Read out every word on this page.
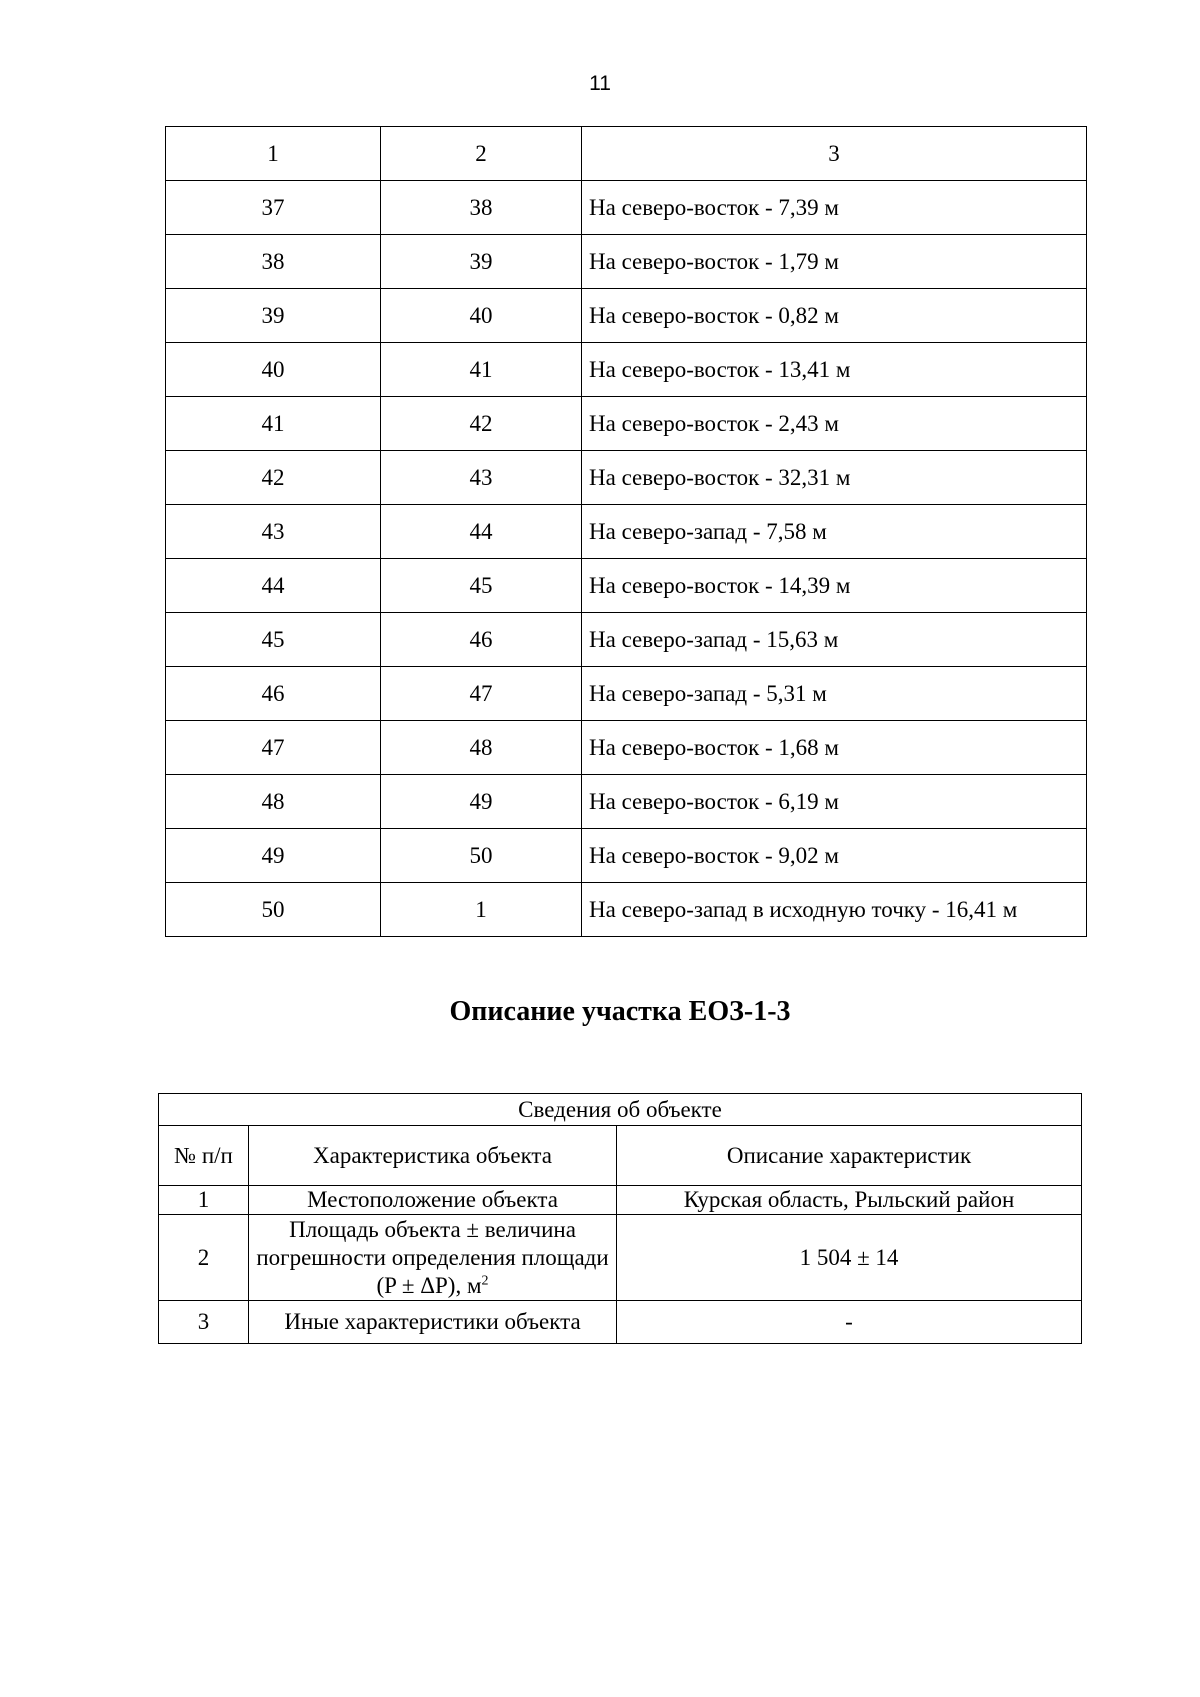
11
1	2	3
37	38	На северо-восток - 7,39 м
38	39	На северо-восток - 1,79 м
39	40	На северо-восток - 0,82 м
40	41	На северо-восток - 13,41 м
41	42	На северо-восток - 2,43 м
42	43	На северо-восток - 32,31 м
43	44	На северо-запад - 7,58 м
44	45	На северо-восток - 14,39 м
45	46	На северо-запад - 15,63 м
46	47	На северо-запад - 5,31 м
47	48	На северо-восток - 1,68 м
48	49	На северо-восток - 6,19 м
49	50	На северо-восток - 9,02 м
50	1	На северо-запад в исходную точку - 16,41 м
Описание участка ЕОЗ-1-3
Сведения об объекте		
№ п/п	Характеристика объекта	Описание характеристик
1	Местоположение объекта	Курская область, Рыльский район
2	Площадь объекта ± величина погрешности определения площади (P ± ΔP), $м^2$	1 504 ± 14
3	Иные характеристики объекта	-
